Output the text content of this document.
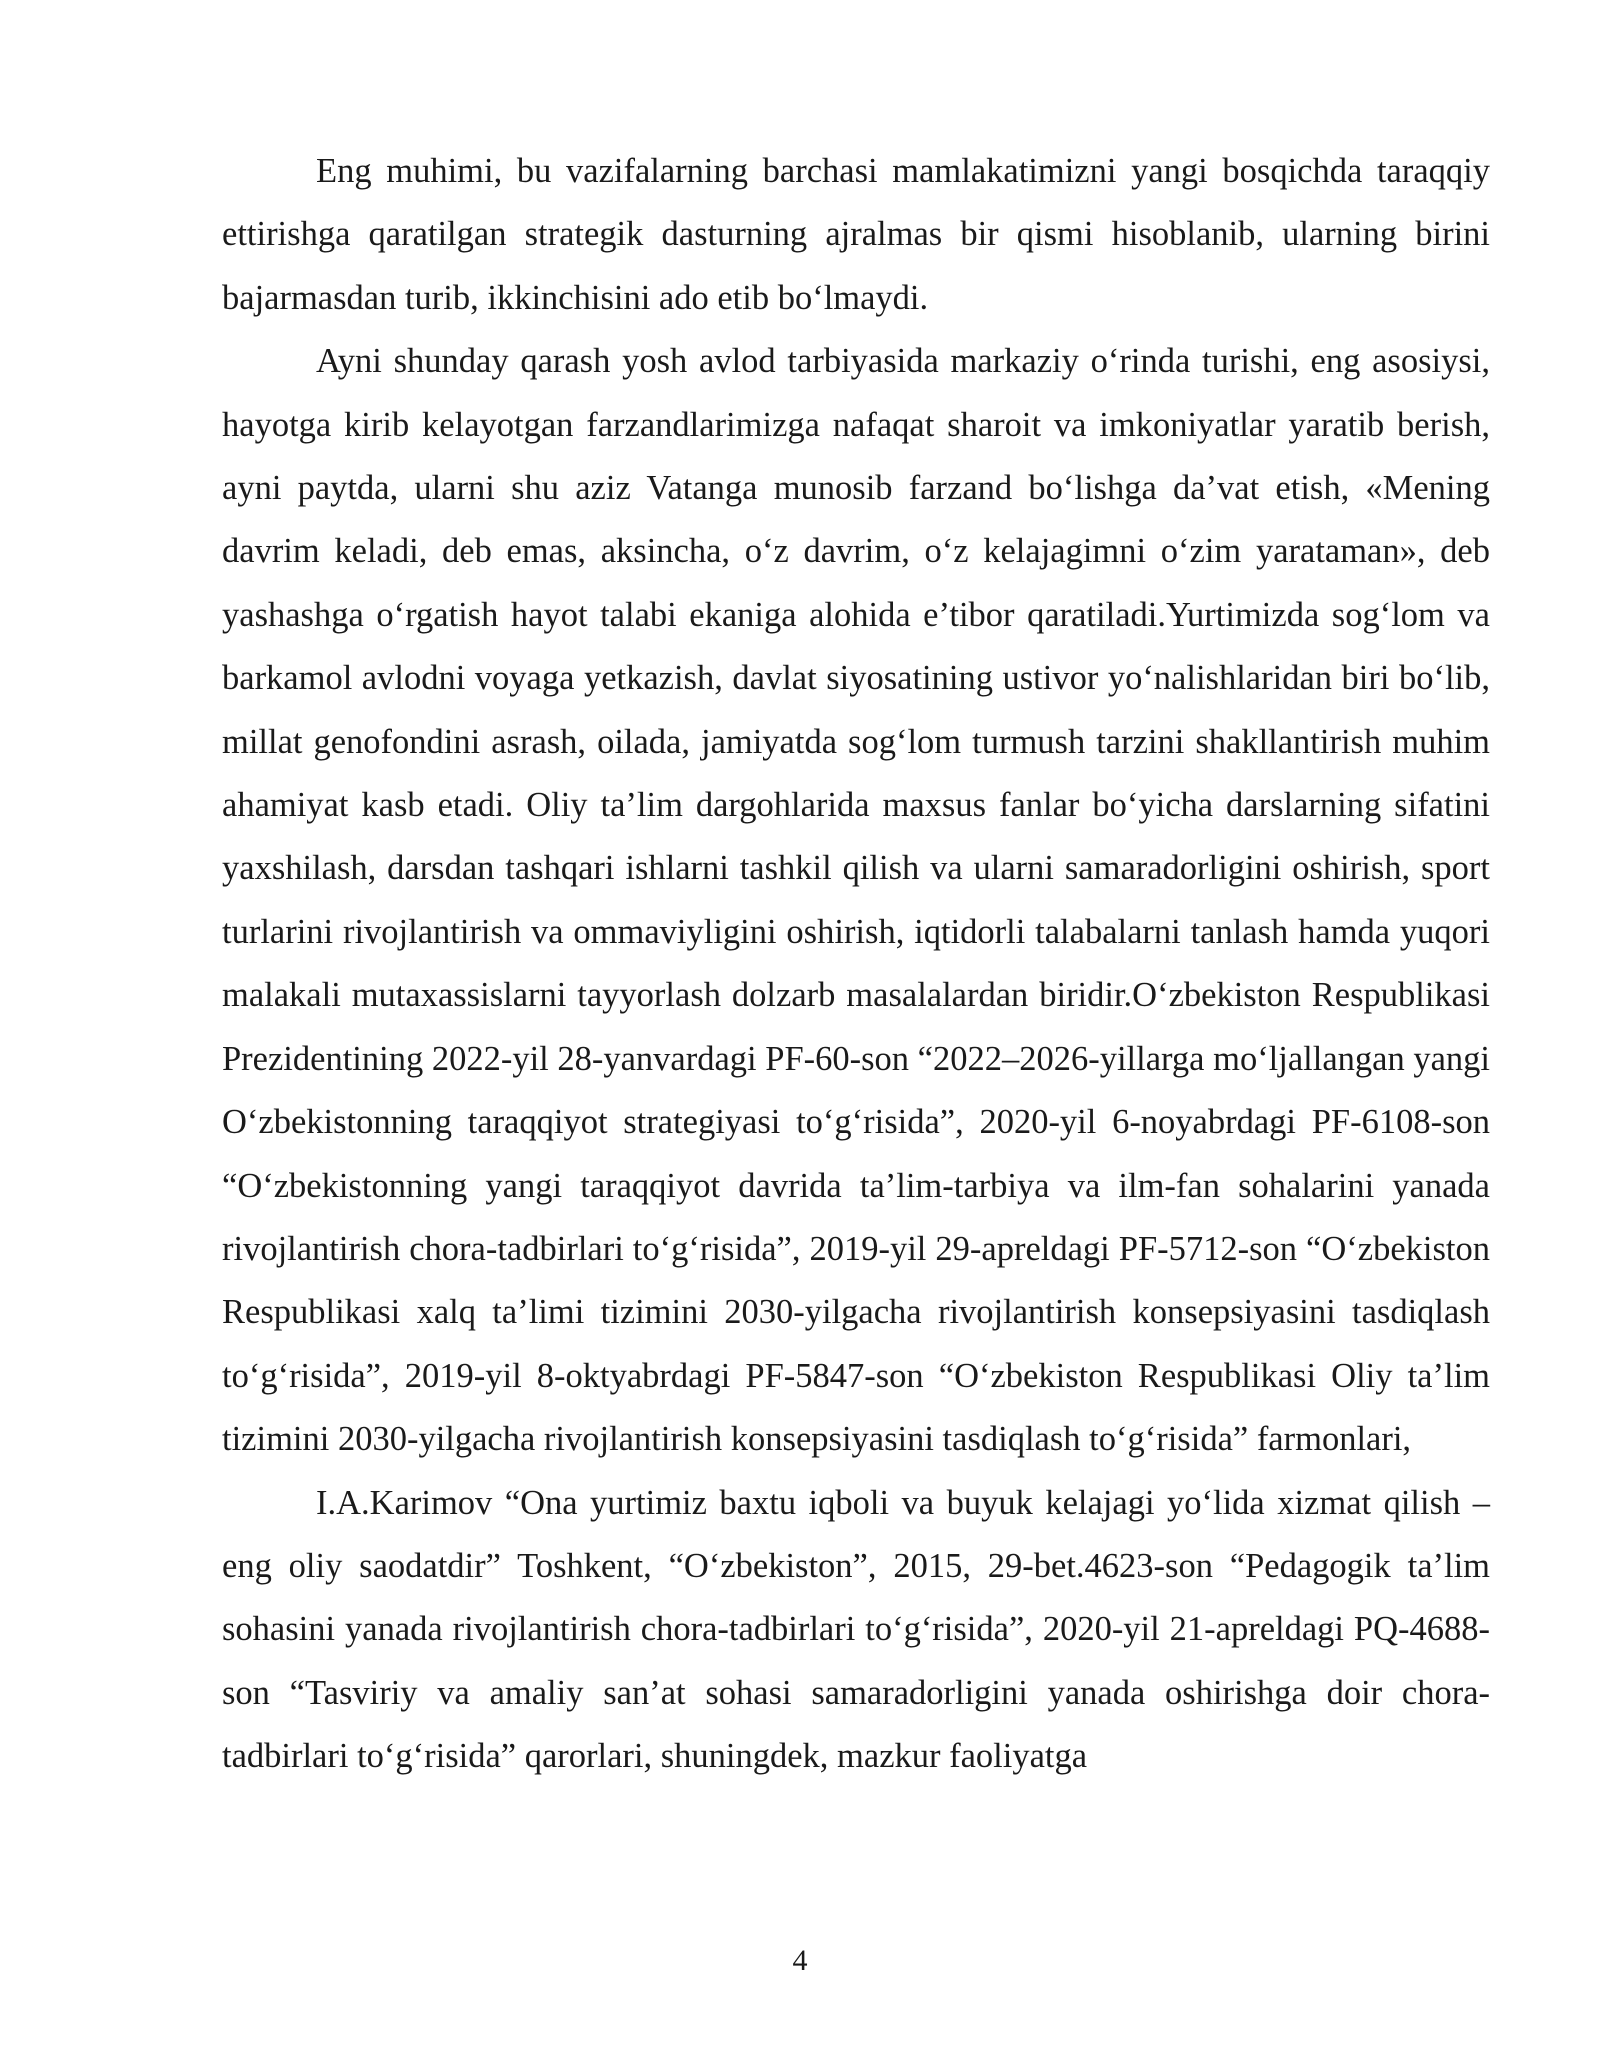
Eng muhimi, bu vazifalarning barchasi mamlakatimizni yangi bosqichda taraqqiy ettirishga qaratilgan strategik dasturning ajralmas bir qismi hisoblanib, ularning birini bajarmasdan turib, ikkinchisini ado etib bo‘lmaydi.

Ayni shunday qarash yosh avlod tarbiyasida markaziy o‘rinda turishi, eng asosiysi, hayotga kirib kelayotgan farzandlarimizga nafaqat sharoit va imkoniyatlar yaratib berish, ayni paytda, ularni shu aziz Vatanga munosib farzand bo‘lishga da’vat etish, «Mening davrim keladi, deb emas, aksincha, o‘z davrim, o‘z kelajagimni o‘zim yarataman», deb yashashga o‘rgatish hayot talabi ekaniga alohida e’tibor qaratiladi.Yurtimizda sog‘lom va barkamol avlodni voyaga yetkazish, davlat siyosatining ustivor yo‘nalishlaridan biri bo‘lib, millat genofondini asrash, oilada, jamiyatda sog‘lom turmush tarzini shakllantirish muhim ahamiyat kasb etadi. Oliy ta’lim dargohlarida maxsus fanlar bo‘yicha darslarning sifatini yaxshilash, darsdan tashqari ishlarni tashkil qilish va ularni samaradorligini oshirish, sport turlarini rivojlantirish va ommaviyligini oshirish, iqtidorli talabalarni tanlash hamda yuqori malakali mutaxassislarni tayyorlash dolzarb masalalardan biridir.O‘zbekiston Respublikasi Prezidentining 2022-yil 28-yanvardagi PF-60-son “2022–2026-yillarga mo‘ljallangan yangi O‘zbekistonning taraqqiyot strategiyasi to‘g‘risida”, 2020-yil 6-noyabrdagi PF-6108-son “O‘zbekistonning yangi taraqqiyot davrida ta’lim-tarbiya va ilm-fan sohalarini yanada rivojlantirish chora-tadbirlari to‘g‘risida”, 2019-yil 29-apreldagi PF-5712-son “O‘zbekiston Respublikasi xalq ta’limi tizimini 2030-yilgacha rivojlantirish konsepsiyasini tasdiqlash to‘g‘risida”, 2019-yil 8-oktyabrdagi PF-5847-son “O‘zbekiston Respublikasi Oliy ta’lim tizimini 2030-yilgacha rivojlantirish konsepsiyasini tasdiqlash to‘g‘risida” farmonlari,

I.A.Karimov “Ona yurtimiz baxtu iqboli va buyuk kelajagi yo‘lida xizmat qilish – eng oliy saodatdir” Toshkent, “O‘zbekiston”, 2015, 29-bet.4623-son “Pedagogik ta’lim sohasini yanada rivojlantirish chora-tadbirlari to‘g‘risida”, 2020-yil 21-apreldagi PQ-4688-son “Tasviriy va amaliy san’at sohasi samaradorligini yanada oshirishga doir chora-tadbirlari to‘g‘risida” qarorlari, shuningdek, mazkur faoliyatga

4
